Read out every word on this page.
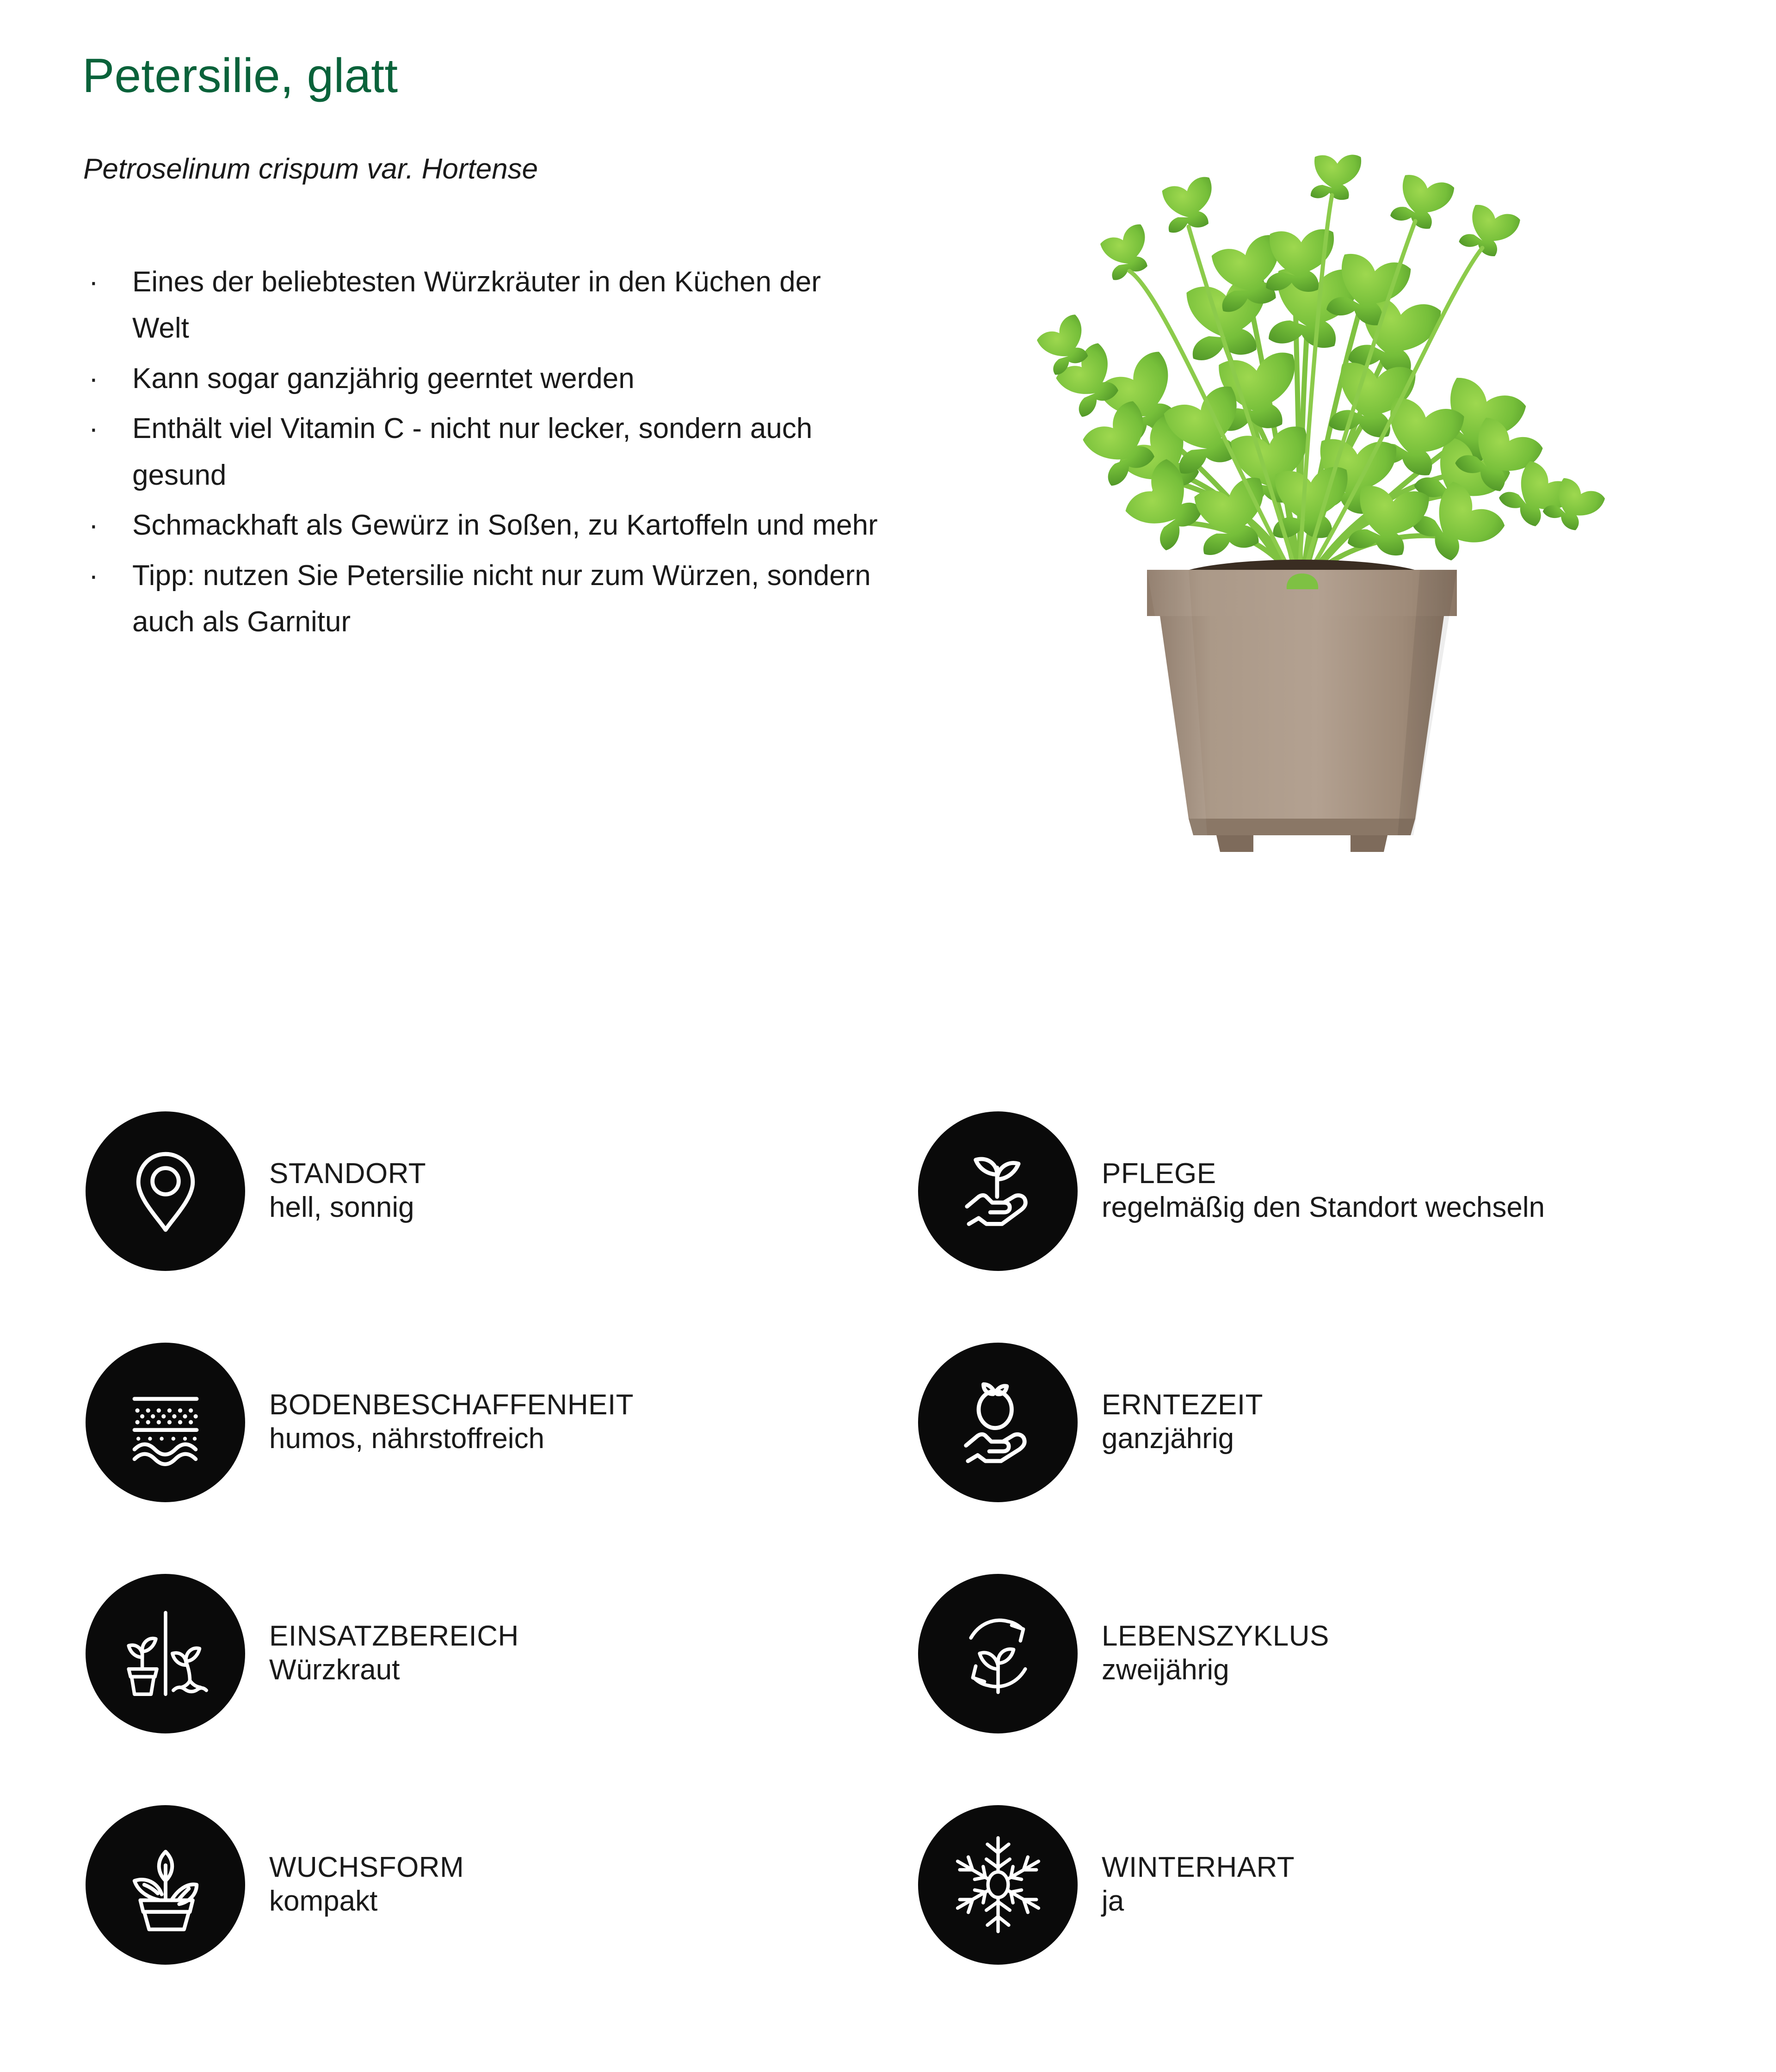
Petersilie, glatt
Petroselinum crispum var. Hortense
· Eines der beliebtesten Würzkräuter in den Küchen der Welt
· Kann sogar ganzjährig geerntet werden
· Enthält viel Vitamin C - nicht nur lecker, sondern auch gesund
· Schmackhaft als Gewürz in Soßen, zu Kartoffeln und mehr
· Tipp: nutzen Sie Petersilie nicht nur zum Würzen, sondern auch als Garnitur
STANDORT
hell, sonnig
PFLEGE
regelmäßig den Standort wechseln
BODENBESCHAFFENHEIT
humos, nährstoffreich
ERNTEZEIT
ganzjährig
EINSATZBEREICH
Würzkraut
LEBENSZYKLUS
zweijährig
WUCHSFORM
kompakt
WINTERHART
ja
